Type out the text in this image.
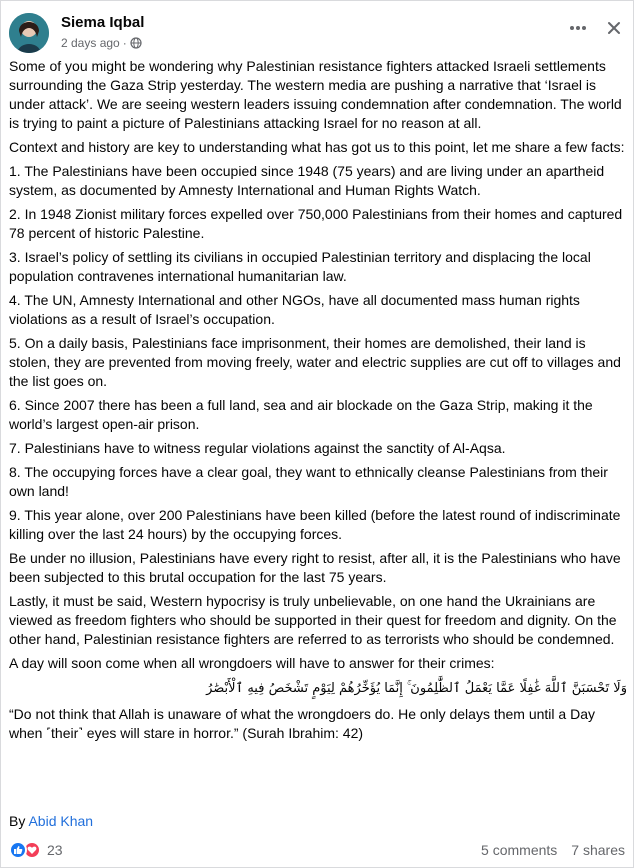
Siema Iqbal
2 days ago ·

Some of you might be wondering why Palestinian resistance fighters attacked Israeli settlements surrounding the Gaza Strip yesterday. The western media are pushing a narrative that ‘Israel is under attack’. We are seeing western leaders issuing condemnation after condemnation. The world is trying to paint a picture of Palestinians attacking Israel for no reason at all.

Context and history are key to understanding what has got us to this point, let me share a few facts:

1. The Palestinians have been occupied since 1948 (75 years) and are living under an apartheid system, as documented by Amnesty International and Human Rights Watch.

2. In 1948 Zionist military forces expelled over 750,000 Palestinians from their homes and captured 78 percent of historic Palestine.

3. Israel’s policy of settling its civilians in occupied Palestinian territory and displacing the local population contravenes international humanitarian law.

4. The UN, Amnesty International and other NGOs, have all documented mass human rights violations as a result of Israel’s occupation.

5. On a daily basis, Palestinians face imprisonment, their homes are demolished, their land is stolen, they are prevented from moving freely, water and electric supplies are cut off to villages and the list goes on.

6. Since 2007 there has been a full land, sea and air blockade on the Gaza Strip, making it the world’s largest open-air prison.

7. Palestinians have to witness regular violations against the sanctity of Al-Aqsa.

8. The occupying forces have a clear goal, they want to ethnically cleanse Palestinians from their own land!

9. This year alone, over 200 Palestinians have been killed (before the latest round of indiscriminate killing over the last 24 hours) by the occupying forces.

Be under no illusion, Palestinians have every right to resist, after all, it is the Palestinians who have been subjected to this brutal occupation for the last 75 years.

Lastly, it must be said, Western hypocrisy is truly unbelievable, on one hand the Ukrainians are viewed as freedom fighters who should be supported in their quest for freedom and dignity. On the other hand, Palestinian resistance fighters are referred to as terrorists who should be condemned.

A day will soon come when all wrongdoers will have to answer for their crimes:

وَلَا تَحْسَبَنَّ ٱللَّهَ غَٰفِلًا عَمَّا يَعْمَلُ ٱلظَّٰلِمُونَ ۚ إِنَّمَا يُؤَخِّرُهُمْ لِيَوْمٍ تَشْخَصُ فِيهِ ٱلْأَبْصَٰرُ

“Do not think that Allah is unaware of what the wrongdoers do. He only delays them until a Day when ˹their˺ eyes will stare in horror.” (Surah Ibrahim: 42)

By Abid Khan
23	5 comments 7 shares
